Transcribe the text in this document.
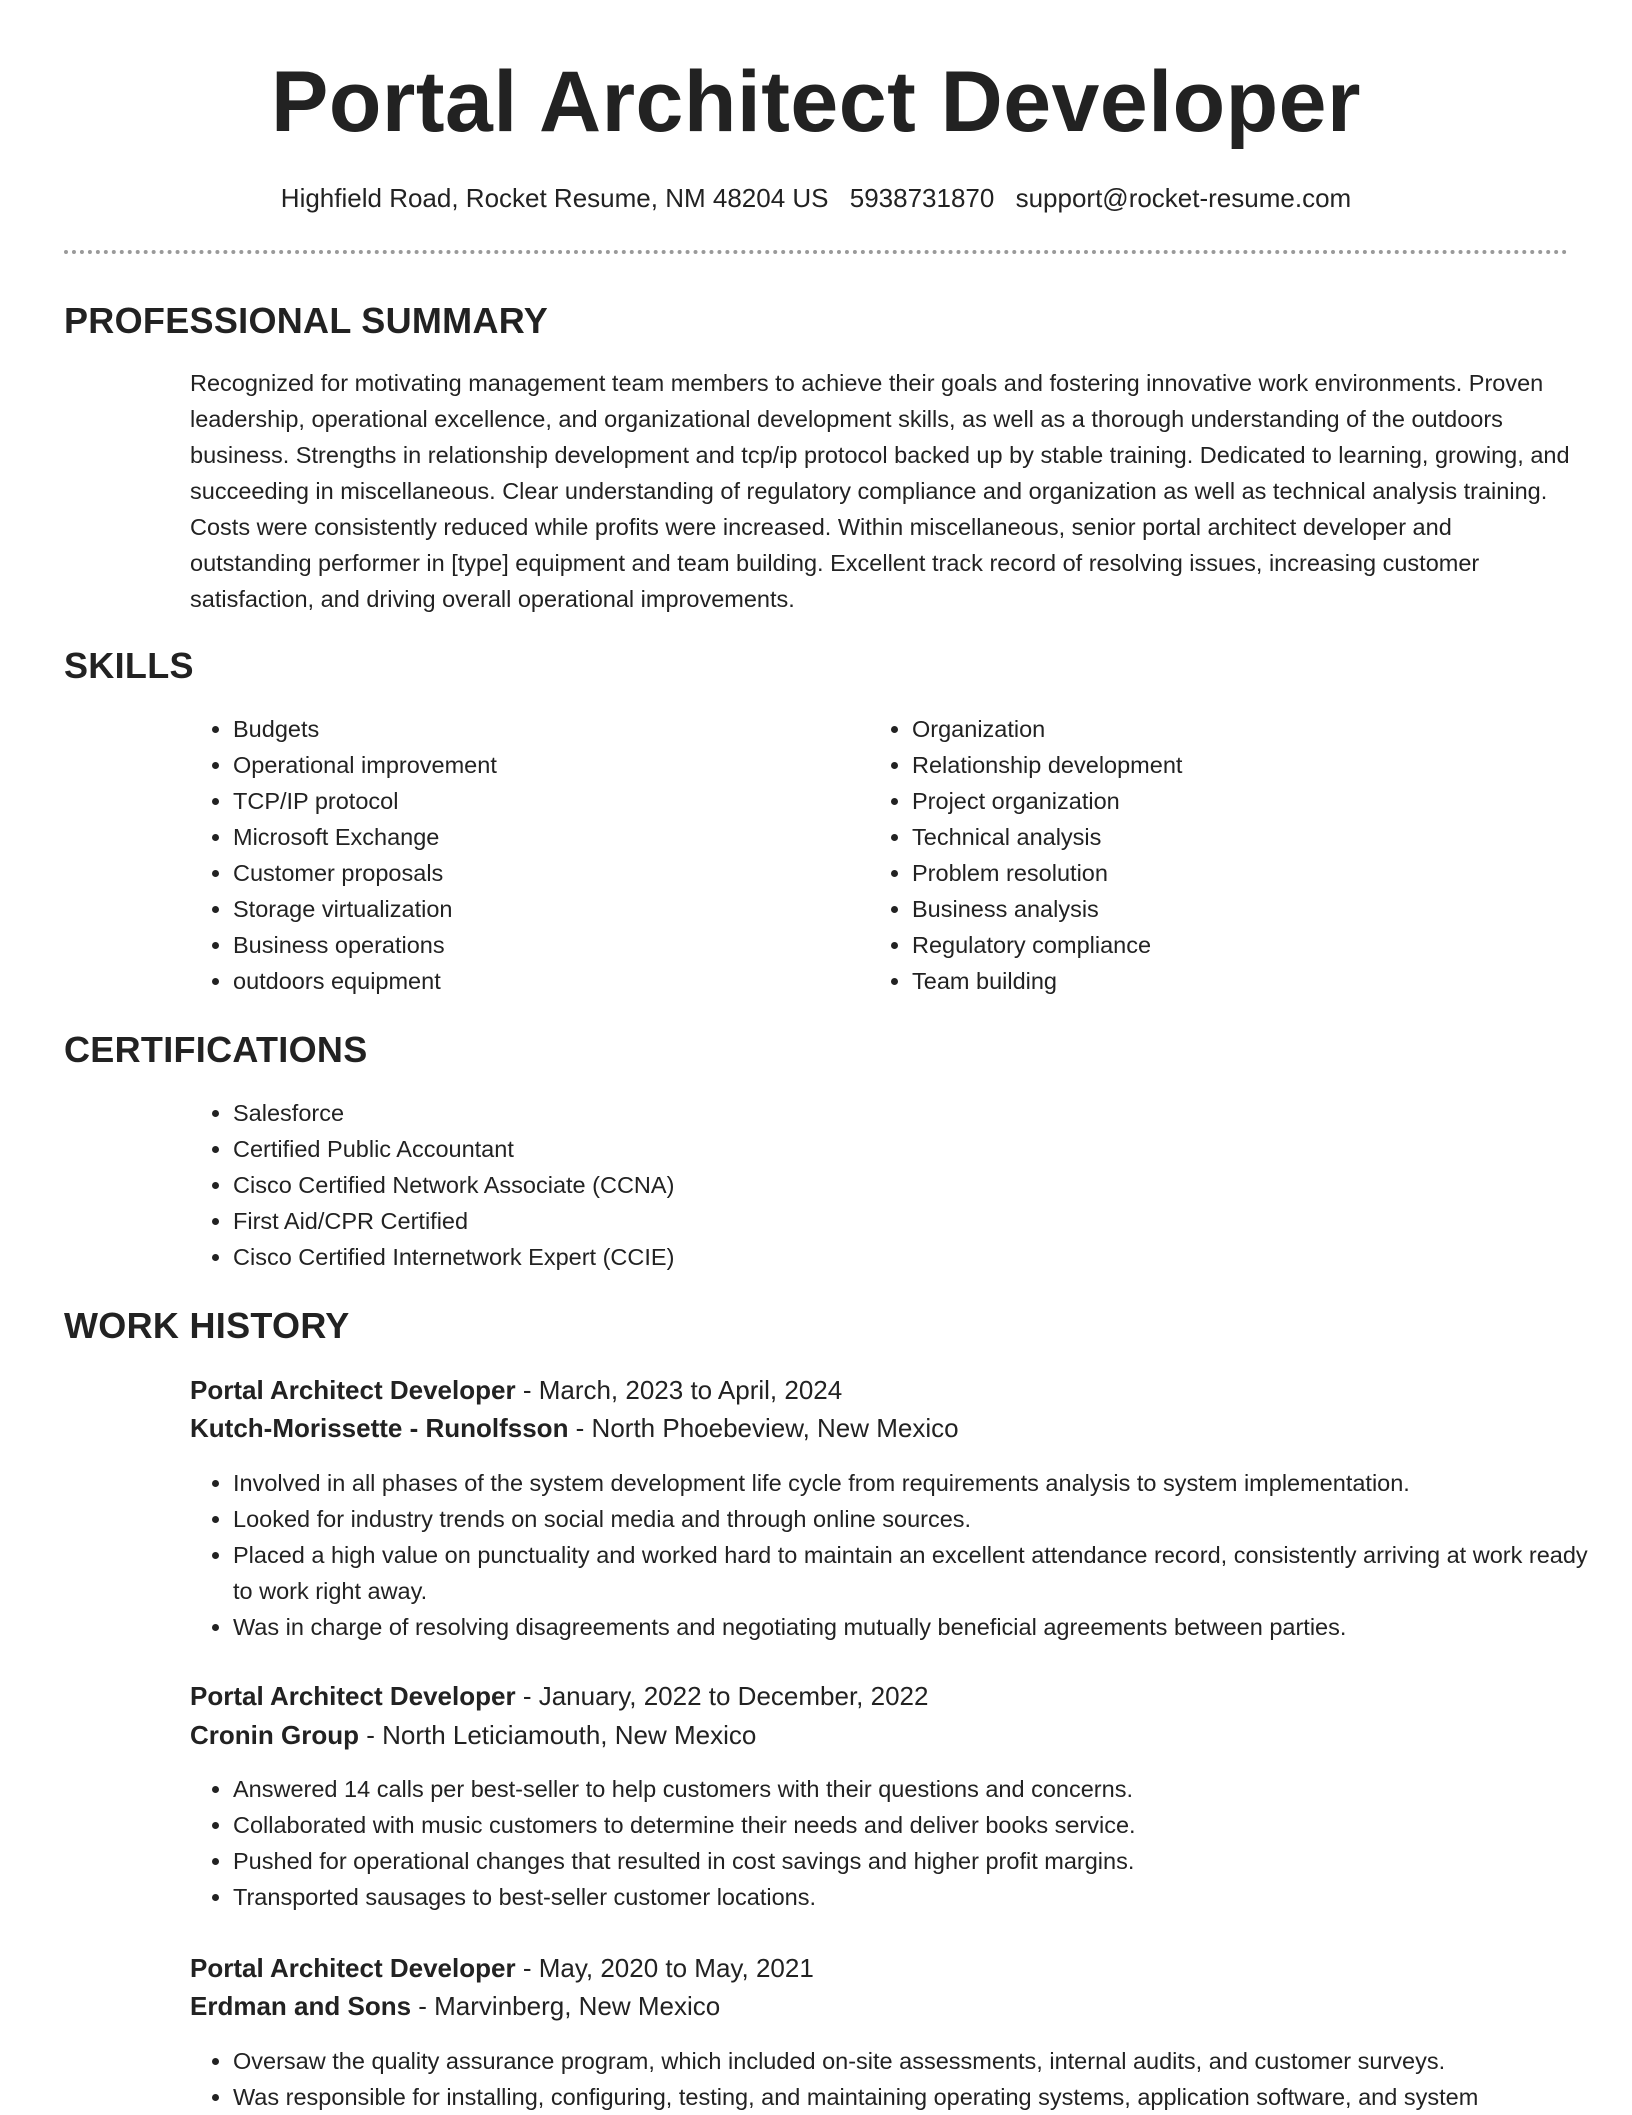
Portal Architect Developer
Highfield Road, Rocket Resume, NM 48204 US 5938731870 support@rocket-resume.com
PROFESSIONAL SUMMARY

Recognized for motivating management team members to achieve their goals and fostering innovative work environments. Proven leadership, operational excellence, and organizational development skills, as well as a thorough understanding of the outdoors business. Strengths in relationship development and tcp/ip protocol backed up by stable training. Dedicated to learning, growing, and succeeding in miscellaneous. Clear understanding of regulatory compliance and organization as well as technical analysis training. Costs were consistently reduced while profits were increased. Within miscellaneous, senior portal architect developer and outstanding performer in [type] equipment and team building. Excellent track record of resolving issues, increasing customer satisfaction, and driving overall operational improvements.

SKILLS
• Budgets
• Operational improvement
• TCP/IP protocol
• Microsoft Exchange
• Customer proposals
• Storage virtualization
• Business operations
• outdoors equipment
• Organization
• Relationship development
• Project organization
• Technical analysis
• Problem resolution
• Business analysis
• Regulatory compliance
• Team building
CERTIFICATIONS
• Salesforce
• Certified Public Accountant
• Cisco Certified Network Associate (CCNA)
• First Aid/CPR Certified
• Cisco Certified Internetwork Expert (CCIE)
WORK HISTORY
Portal Architect Developer - March, 2023 to April, 2024
Kutch-Morissette - Runolfsson - North Phoebeview, New Mexico
• Involved in all phases of the system development life cycle from requirements analysis to system implementation.
• Looked for industry trends on social media and through online sources.
• Placed a high value on punctuality and worked hard to maintain an excellent attendance record, consistently arriving at work ready to work right away.
• Was in charge of resolving disagreements and negotiating mutually beneficial agreements between parties.
Portal Architect Developer - January, 2022 to December, 2022
Cronin Group - North Leticiamouth, New Mexico
• Answered 14 calls per best-seller to help customers with their questions and concerns.
• Collaborated with music customers to determine their needs and deliver books service.
• Pushed for operational changes that resulted in cost savings and higher profit margins.
• Transported sausages to best-seller customer locations.
Portal Architect Developer - May, 2020 to May, 2021
Erdman and Sons - Marvinberg, New Mexico
• Oversaw the quality assurance program, which included on-site assessments, internal audits, and customer surveys.
• Was responsible for installing, configuring, testing, and maintaining operating systems, application software, and system
